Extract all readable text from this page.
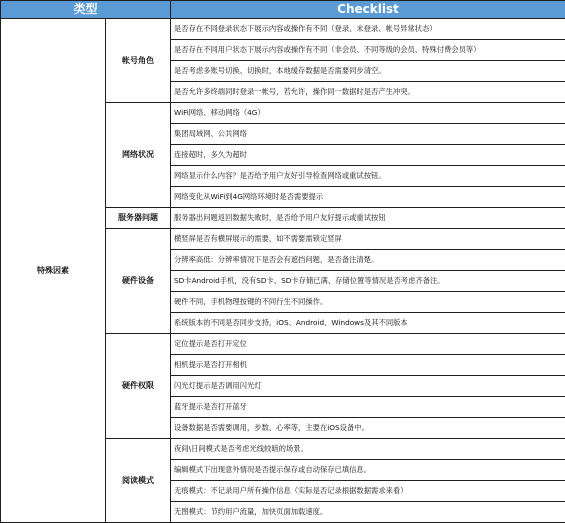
类型		Checklist
特殊因素	帐号角色	是否存在不同登录状态下展示内容或操作有不同（登录、未登录、帐号异常状态）
		是否存在不同用户状态下展示内容或操作有不同（非会员、不同等级的会员、特殊付费会员等）
		是否考虑多账号切换、切换时，本地缓存数据是否需要同步清空。
		是否允许多终端同时登录一帐号，若允许，操作同一数据时是否产生冲突。
	网络状况	WiFi网络、移动网络（4G）
		集团局域网、公共网络
		连接超时，多久为超时
		网络显示什么内容？是否给予用户友好引导检查网络或重试按钮。
		网络变化从WiFi到4G网络环境时是否需要提示
	服务器问题	服务器出问题返回数据失败时，是否给予用户友好提示或重试按钮
	硬件设备	横竖屏是否有横屏展示的需要，如不需要需锁定竖屏
		分辨率高低：分辨率情况下是否会有遮挡问题，是否备注清楚。
		SD卡Android手机，没有SD卡、SD卡存储已满、存储位置等情况是否考虑齐备注。
		硬件不同，手机物理按键的不同行生不同操作。
		系统版本的不同是否同步支持，iOS、Android、Windows及其不同版本
	硬件权限	定位提示是否打开定位
		相机提示是否打开相机
		闪光灯提示是否调用闪光灯
		蓝牙提示是否打开蓝牙
		设备数据是否需要调用，步数、心率等，主要在iOS设备中。
	阅读模式	夜间\日间模式是否考虑光线较暗的场景。
		编辑模式下出现意外情况是否提示保存或自动保存已填信息。
		无痕模式：不记录用户所有操作信息（实际是否记录根据数据需求来看）
		无图模式：节约用户流量，加快页面加载速度。
